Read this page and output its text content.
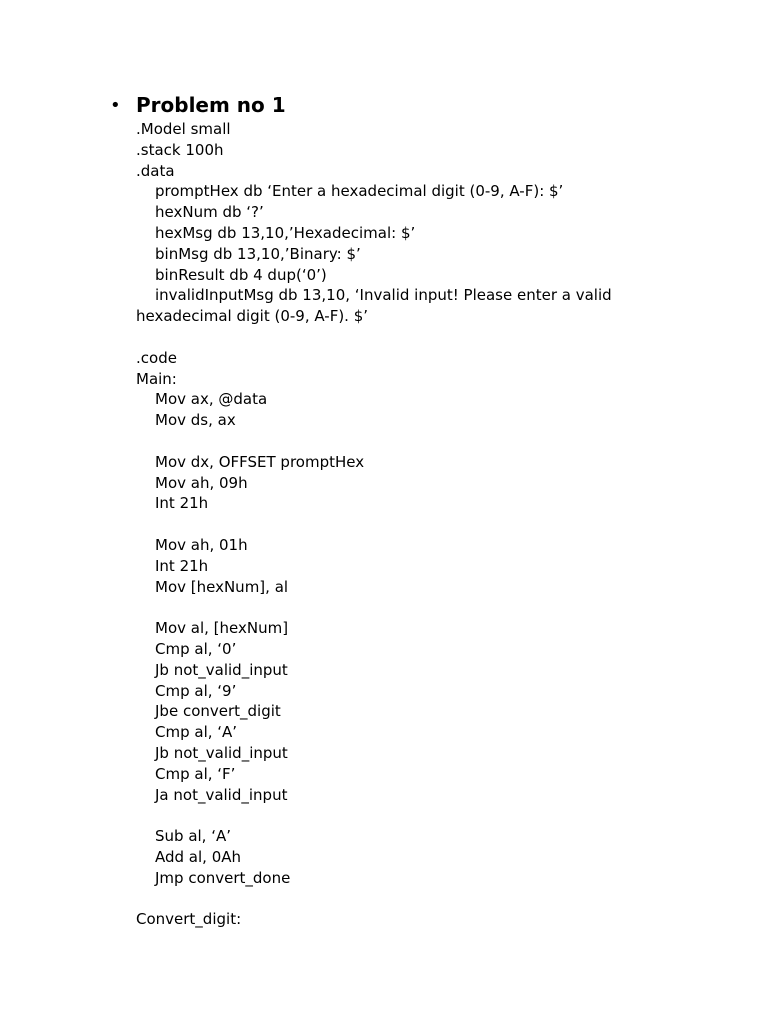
• Problem no 1
.Model small
.stack 100h
.data
promptHex db ‘Enter a hexadecimal digit (0-9, A-F): $’
hexNum db ‘?’
hexMsg db 13,10,’Hexadecimal: $’
binMsg db 13,10,’Binary: $’
binResult db 4 dup(‘0’)
invalidInputMsg db 13,10, ‘Invalid input! Please enter a valid
hexadecimal digit (0-9, A-F). $’
.code
Main:
Mov ax, @data
Mov ds, ax
Mov dx, OFFSET promptHex
Mov ah, 09h
Int 21h
Mov ah, 01h
Int 21h
Mov [hexNum], al
Mov al, [hexNum]
Cmp al, ‘0’
Jb not_valid_input
Cmp al, ‘9’
Jbe convert_digit
Cmp al, ‘A’
Jb not_valid_input
Cmp al, ‘F’
Ja not_valid_input
Sub al, ‘A’
Add al, 0Ah
Jmp convert_done
Convert_digit:
